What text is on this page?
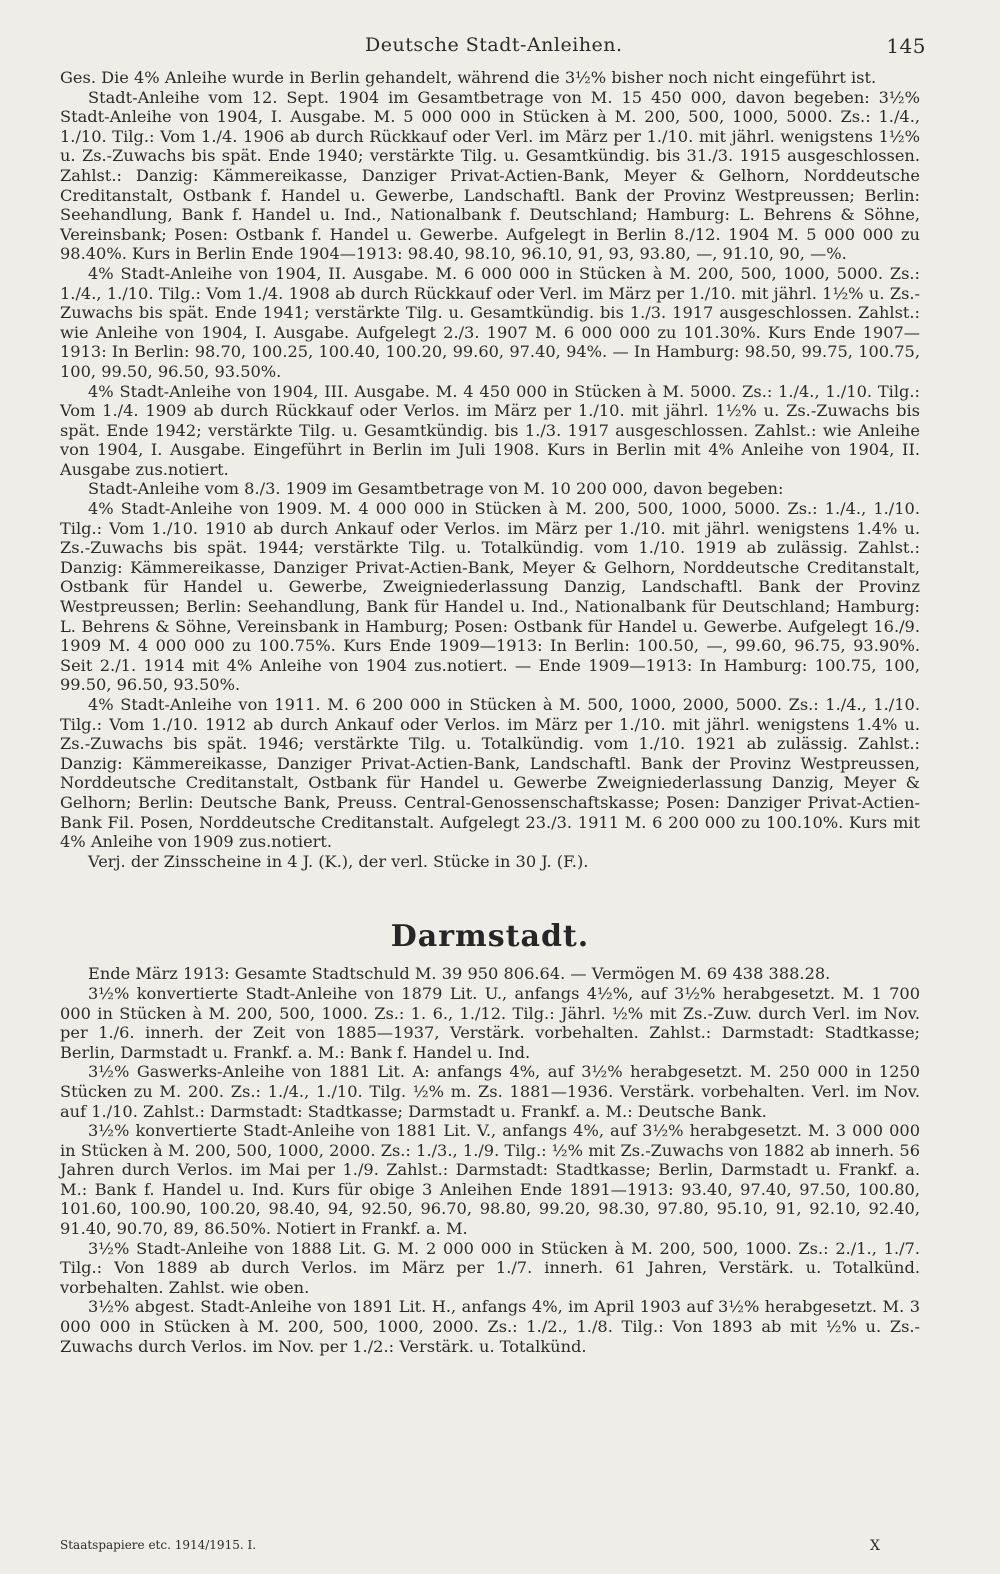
Deutsche Stadt-Anleihen.	145

Ges. Die 4% Anleihe wurde in Berlin gehandelt, während die 3½% bisher noch nicht eingeführt ist.

Stadt-Anleihe vom 12. Sept. 1904 im Gesamtbetrage von M. 15 450 000, davon begeben: 3½% Stadt-Anleihe von 1904, I. Ausgabe. M. 5 000 000 in Stücken à M. 200, 500, 1000, 5000. Zs.: 1./4., 1./10. Tilg.: Vom 1./4. 1906 ab durch Rückkauf oder Verl. im März per 1./10. mit jährl. wenigstens 1½% u. Zs.-Zuwachs bis spät. Ende 1940; verstärkte Tilg. u. Gesamtkündig. bis 31./3. 1915 ausgeschlossen. Zahlst.: Danzig: Kämmereikasse, Danziger Privat-Actien-Bank, Meyer & Gelhorn, Norddeutsche Creditanstalt, Ostbank f. Handel u. Gewerbe, Landschaftl. Bank der Provinz Westpreussen; Berlin: Seehandlung, Bank f. Handel u. Ind., Nationalbank f. Deutschland; Hamburg: L. Behrens & Söhne, Vereinsbank; Posen: Ostbank f. Handel u. Gewerbe. Aufgelegt in Berlin 8./12. 1904 M. 5 000 000 zu 98.40%. Kurs in Berlin Ende 1904—1913: 98.40, 98.10, 96.10, 91, 93, 93.80, —, 91.10, 90, —%.

4% Stadt-Anleihe von 1904, II. Ausgabe. M. 6 000 000 in Stücken à M. 200, 500, 1000, 5000. Zs.: 1./4., 1./10. Tilg.: Vom 1./4. 1908 ab durch Rückkauf oder Verl. im März per 1./10. mit jährl. 1½% u. Zs.-Zuwachs bis spät. Ende 1941; verstärkte Tilg. u. Gesamtkündig. bis 1./3. 1917 ausgeschlossen. Zahlst.: wie Anleihe von 1904, I. Ausgabe. Aufgelegt 2./3. 1907 M. 6 000 000 zu 101.30%. Kurs Ende 1907—1913: In Berlin: 98.70, 100.25, 100.40, 100.20, 99.60, 97.40, 94%. — In Hamburg: 98.50, 99.75, 100.75, 100, 99.50, 96.50, 93.50%.

4% Stadt-Anleihe von 1904, III. Ausgabe. M. 4 450 000 in Stücken à M. 5000. Zs.: 1./4., 1./10. Tilg.: Vom 1./4. 1909 ab durch Rückkauf oder Verlos. im März per 1./10. mit jährl. 1½% u. Zs.-Zuwachs bis spät. Ende 1942; verstärkte Tilg. u. Gesamtkündig. bis 1./3. 1917 ausgeschlossen. Zahlst.: wie Anleihe von 1904, I. Ausgabe. Eingeführt in Berlin im Juli 1908. Kurs in Berlin mit 4% Anleihe von 1904, II. Ausgabe zus.notiert.

Stadt-Anleihe vom 8./3. 1909 im Gesamtbetrage von M. 10 200 000, davon begeben:

4% Stadt-Anleihe von 1909. M. 4 000 000 in Stücken à M. 200, 500, 1000, 5000. Zs.: 1./4., 1./10. Tilg.: Vom 1./10. 1910 ab durch Ankauf oder Verlos. im März per 1./10. mit jährl. wenigstens 1.4% u. Zs.-Zuwachs bis spät. 1944; verstärkte Tilg. u. Totalkündig. vom 1./10. 1919 ab zulässig. Zahlst.: Danzig: Kämmereikasse, Danziger Privat-Actien-Bank, Meyer & Gelhorn, Norddeutsche Creditanstalt, Ostbank für Handel u. Gewerbe, Zweigniederlassung Danzig, Landschaftl. Bank der Provinz Westpreussen; Berlin: Seehandlung, Bank für Handel u. Ind., Nationalbank für Deutschland; Hamburg: L. Behrens & Söhne, Vereinsbank in Hamburg; Posen: Ostbank für Handel u. Gewerbe. Aufgelegt 16./9. 1909 M. 4 000 000 zu 100.75%. Kurs Ende 1909—1913: In Berlin: 100.50, —, 99.60, 96.75, 93.90%. Seit 2./1. 1914 mit 4% Anleihe von 1904 zus.notiert. — Ende 1909—1913: In Hamburg: 100.75, 100, 99.50, 96.50, 93.50%.

4% Stadt-Anleihe von 1911. M. 6 200 000 in Stücken à M. 500, 1000, 2000, 5000. Zs.: 1./4., 1./10. Tilg.: Vom 1./10. 1912 ab durch Ankauf oder Verlos. im März per 1./10. mit jährl. wenigstens 1.4% u. Zs.-Zuwachs bis spät. 1946; verstärkte Tilg. u. Totalkündig. vom 1./10. 1921 ab zulässig. Zahlst.: Danzig: Kämmereikasse, Danziger Privat-Actien-Bank, Landschaftl. Bank der Provinz Westpreussen, Norddeutsche Creditanstalt, Ostbank für Handel u. Gewerbe Zweigniederlassung Danzig, Meyer & Gelhorn; Berlin: Deutsche Bank, Preuss. Central-Genossenschaftskasse; Posen: Danziger Privat-Actien-Bank Fil. Posen, Norddeutsche Creditanstalt. Aufgelegt 23./3. 1911 M. 6 200 000 zu 100.10%. Kurs mit 4% Anleihe von 1909 zus.notiert.

Verj. der Zinsscheine in 4 J. (K.), der verl. Stücke in 30 J. (F.).

Darmstadt.

Ende März 1913: Gesamte Stadtschuld M. 39 950 806.64. — Vermögen M. 69 438 388.28.

3½% konvertierte Stadt-Anleihe von 1879 Lit. U., anfangs 4½%, auf 3½% herabgesetzt. M. 1 700 000 in Stücken à M. 200, 500, 1000. Zs.: 1. 6., 1./12. Tilg.: Jährl. ½% mit Zs.-Zuw. durch Verl. im Nov. per 1./6. innerh. der Zeit von 1885—1937, Verstärk. vorbehalten. Zahlst.: Darmstadt: Stadtkasse; Berlin, Darmstadt u. Frankf. a. M.: Bank f. Handel u. Ind.

3½% Gaswerks-Anleihe von 1881 Lit. A: anfangs 4%, auf 3½% herabgesetzt. M. 250 000 in 1250 Stücken zu M. 200. Zs.: 1./4., 1./10. Tilg. ½% m. Zs. 1881—1936. Verstärk. vorbehalten. Verl. im Nov. auf 1./10. Zahlst.: Darmstadt: Stadtkasse; Darmstadt u. Frankf. a. M.: Deutsche Bank.

3½% konvertierte Stadt-Anleihe von 1881 Lit. V., anfangs 4%, auf 3½% herabgesetzt. M. 3 000 000 in Stücken à M. 200, 500, 1000, 2000. Zs.: 1./3., 1./9. Tilg.: ½% mit Zs.-Zuwachs von 1882 ab innerh. 56 Jahren durch Verlos. im Mai per 1./9. Zahlst.: Darmstadt: Stadtkasse; Berlin, Darmstadt u. Frankf. a. M.: Bank f. Handel u. Ind. Kurs für obige 3 Anleihen Ende 1891—1913: 93.40, 97.40, 97.50, 100.80, 101.60, 100.90, 100.20, 98.40, 94, 92.50, 96.70, 98.80, 99.20, 98.30, 97.80, 95.10, 91, 92.10, 92.40, 91.40, 90.70, 89, 86.50%. Notiert in Frankf. a. M.

3½% Stadt-Anleihe von 1888 Lit. G. M. 2 000 000 in Stücken à M. 200, 500, 1000. Zs.: 2./1., 1./7. Tilg.: Von 1889 ab durch Verlos. im März per 1./7. innerh. 61 Jahren, Verstärk. u. Totalkünd. vorbehalten. Zahlst. wie oben.

3½% abgest. Stadt-Anleihe von 1891 Lit. H., anfangs 4%, im April 1903 auf 3½% herabgesetzt. M. 3 000 000 in Stücken à M. 200, 500, 1000, 2000. Zs.: 1./2., 1./8. Tilg.: Von 1893 ab mit ½% u. Zs.-Zuwachs durch Verlos. im Nov. per 1./2.: Verstärk. u. Totalkünd.

Staatspapiere etc. 1914/1915. I.	X
